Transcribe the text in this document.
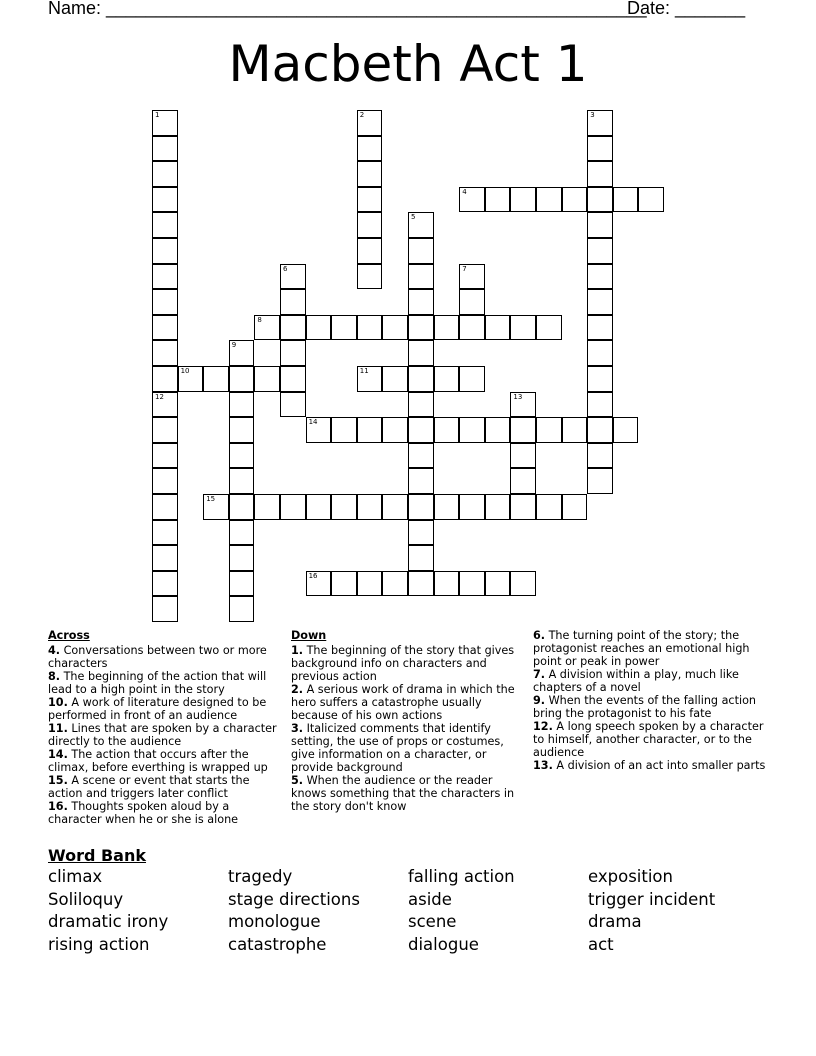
Name: ______________________________________________________
Date: _______
Macbeth Act 1
1
12
2	3
4
5
6	7
8
9
10	11
13
14
15
16
Across
4. Conversations between two or more characters
8. The beginning of the action that will lead to a high point in the story
10. A work of literature designed to be performed in front of an audience
11. Lines that are spoken by a character directly to the audience
14. The action that occurs after the climax, before everthing is wrapped up
15. A scene or event that starts the action and triggers later conflict
16. Thoughts spoken aloud by a character when he or she is alone
Down
1. The beginning of the story that gives background info on characters and previous action
2. A serious work of drama in which the hero suffers a catastrophe usually because of his own actions
3. Italicized comments that identify setting, the use of props or costumes, give information on a character, or provide background
5. When the audience or the reader knows something that the characters in the story don't know
6. The turning point of the story; the protagonist reaches an emotional high point or peak in power
7. A division within a play, much like chapters of a novel
9. When the events of the falling action bring the protagonist to his fate
12. A long speech spoken by a character to himself, another character, or to the audience
13. A division of an act into smaller parts
Word Bank
climax	tragedy	falling action	exposition
Soliloquy	stage directions	aside	trigger incident
dramatic irony	monologue	scene	drama
rising action	catastrophe	dialogue	act
